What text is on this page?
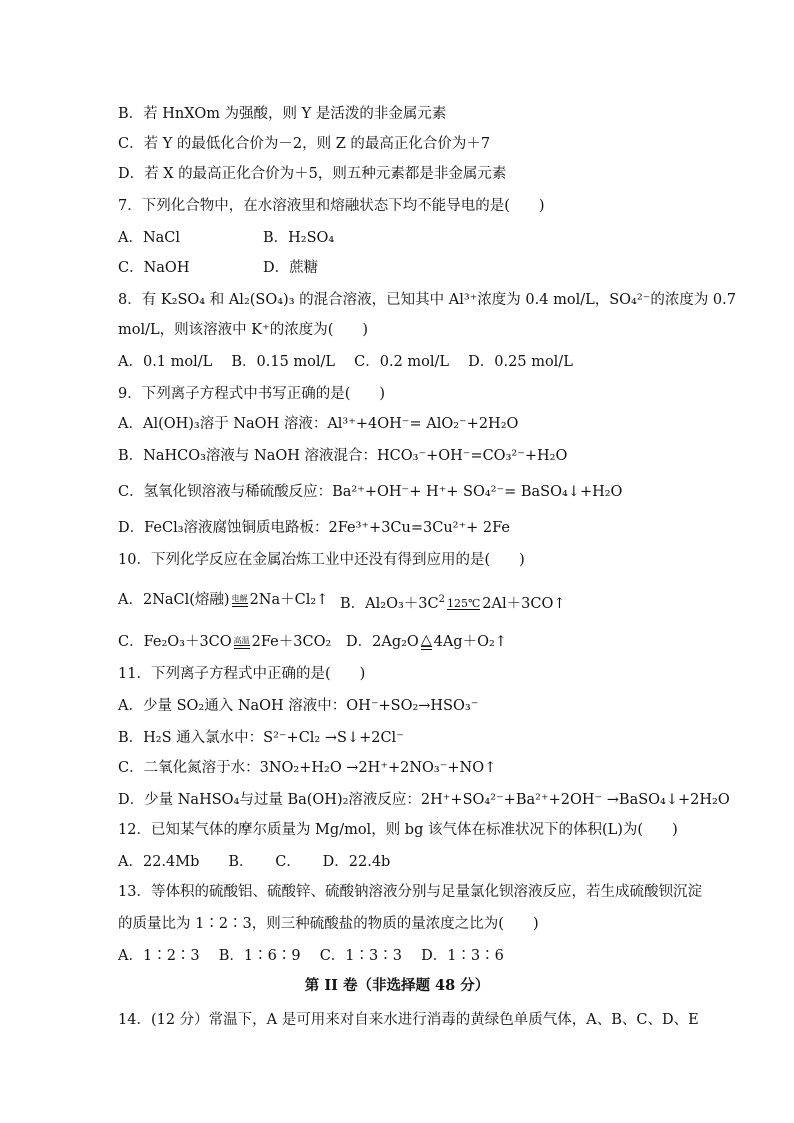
B．若 HnXOm 为强酸，则 Y 是活泼的非金属元素
C．若 Y 的最低化合价为－2，则 Z 的最高正化合价为＋7
D．若 X 的最高正化合价为＋5，则五种元素都是非金属元素
7．下列化合物中，在水溶液里和熔融状态下均不能导电的是(　　)
A．NaCl	B．H₂SO₄
C．NaOH	D．蔗糖
8．有 K₂SO₄ 和 Al₂(SO₄)₃ 的混合溶液，已知其中 Al³⁺浓度为 0.4 mol/L，SO₄²⁻的浓度为 0.7
mol/L，则该溶液中 K⁺的浓度为(　　)
A．0.1 mol/L　 B．0.15 mol/L　 C．0.2 mol/L　 D．0.25 mol/L
9．下列离子方程式中书写正确的是(　　)
A．Al(OH)₃溶于 NaOH 溶液：Al³⁺+4OH⁻= AlO₂⁻+2H₂O
B．NaHCO₃溶液与 NaOH 溶液混合：HCO₃⁻+OH⁻=CO₃²⁻+H₂O
C．氢氧化钡溶液与稀硫酸反应：Ba²⁺+OH⁻+ H⁺+ SO₄²⁻= BaSO₄↓+H₂O
D．FeCl₃溶液腐蚀铜质电路板：2Fe³⁺+3Cu=3Cu²⁺+ 2Fe
10．下列化学反应在金属冶炼工业中还没有得到应用的是(　　)
A．2NaCl(熔融) 电解 2Na＋Cl₂↑ B．$Al_2O_3+3C^2$ 125℃ 2Al＋3CO↑
C．Fe₂O₃＋3CO 高温 2Fe＋3CO₂ D．2Ag₂O △ 4Ag＋O₂↑
11．下列离子方程式中正确的是(　　)
A．少量 SO₂通入 NaOH 溶液中：OH⁻+SO₂→HSO₃⁻
B．H₂S 通入氯水中：S²⁻+Cl₂ →S↓+2Cl⁻
C．二氧化氮溶于水：3NO₂+H₂O →2H⁺+2NO₃⁻+NO↑
D．少量 NaHSO₄与过量 Ba(OH)₂溶液反应：2H⁺+SO₄²⁻+Ba²⁺+2OH⁻ →BaSO₄↓+2H₂O
12．已知某气体的摩尔质量为 Mg/mol，则 bg 该气体在标准状况下的体积(L)为(　　)
A．22.4Mb　　B．　　C．　　D．22.4b
13．等体积的硫酸铝、硫酸锌、硫酸钠溶液分别与足量氯化钡溶液反应，若生成硫酸钡沉淀
的质量比为 1∶2∶3，则三种硫酸盐的物质的量浓度之比为(　　)
A．1∶2∶3　 B．1∶6∶9　 C．1∶3∶3　 D．1∶3∶6
第 II 卷（非选择题 48 分）
14．(12 分）常温下，A 是可用来对自来水进行消毒的黄绿色单质气体，A、B、C、D、E
